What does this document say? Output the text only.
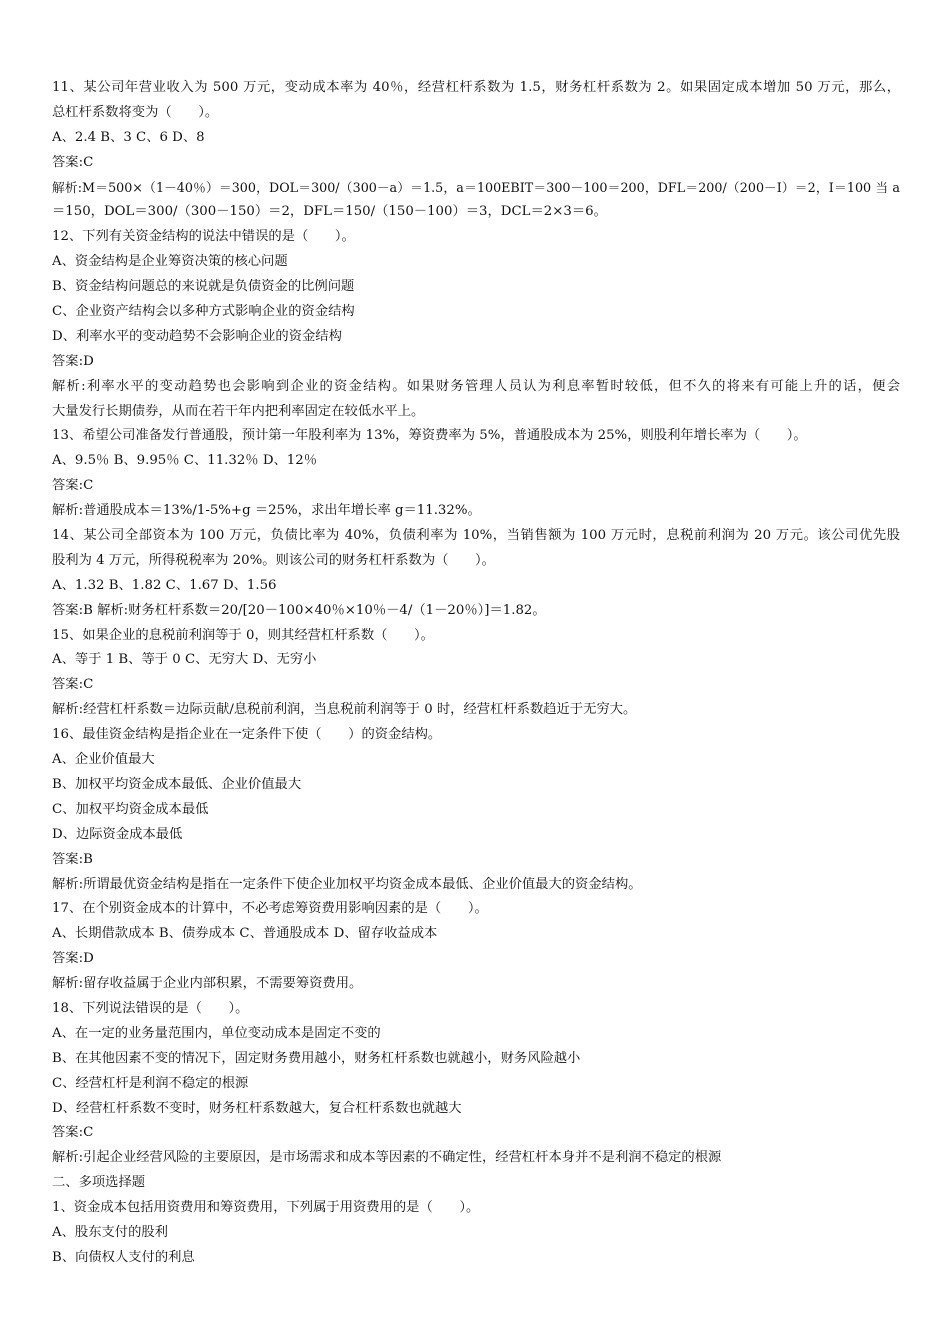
11、某公司年营业收入为 500 万元，变动成本率为 40％，经营杠杆系数为 1.5，财务杠杆系数为 2。如果固定成本增加 50 万元，那么，
总杠杆系数将变为（　　）。
A、2.4 B、3 C、6 D、8
答案:C
解析:M＝500×（1－40％）＝300，DOL＝300/（300－a）＝1.5，a＝100EBIT＝300－100＝200，DFL＝200/（200－I）＝2，I＝100 当 a
＝150，DOL＝300/（300－150）＝2，DFL＝150/（150－100）＝3，DCL＝2×3＝6。
12、下列有关资金结构的说法中错误的是（　　）。
A、资金结构是企业筹资决策的核心问题
B、资金结构问题总的来说就是负债资金的比例问题
C、企业资产结构会以多种方式影响企业的资金结构
D、利率水平的变动趋势不会影响企业的资金结构
答案:D
解析:利率水平的变动趋势也会影响到企业的资金结构。如果财务管理人员认为利息率暂时较低，但不久的将来有可能上升的话，便会
大量发行长期债券，从而在若干年内把利率固定在较低水平上。
13、希望公司准备发行普通股，预计第一年股利率为 13%，筹资费率为 5%，普通股成本为 25%，则股利年增长率为（　　）。
A、9.5％ B、9.95％ C、11.32％ D、12％
答案:C
解析:普通股成本＝13%/1-5%+g ＝25%，求出年增长率 g＝11.32%。
14、某公司全部资本为 100 万元，负债比率为 40%，负债利率为 10%，当销售额为 100 万元时，息税前利润为 20 万元。该公司优先股
股利为 4 万元，所得税税率为 20%。则该公司的财务杠杆系数为（　　）。
A、1.32 B、1.82 C、1.67 D、1.56
答案:B 解析:财务杠杆系数＝20/[20－100×40％×10％－4/（1－20％）]＝1.82。
15、如果企业的息税前利润等于 0，则其经营杠杆系数（　　）。
A、等于 1 B、等于 0 C、无穷大 D、无穷小
答案:C
解析:经营杠杆系数＝边际贡献/息税前利润，当息税前利润等于 0 时，经营杠杆系数趋近于无穷大。
16、最佳资金结构是指企业在一定条件下使（　　）的资金结构。
A、企业价值最大
B、加权平均资金成本最低、企业价值最大
C、加权平均资金成本最低
D、边际资金成本最低
答案:B
解析:所谓最优资金结构是指在一定条件下使企业加权平均资金成本最低、企业价值最大的资金结构。
17、在个别资金成本的计算中，不必考虑筹资费用影响因素的是（　　）。
A、长期借款成本 B、债券成本 C、普通股成本 D、留存收益成本
答案:D
解析:留存收益属于企业内部积累，不需要筹资费用。
18、下列说法错误的是（　　）。
A、在一定的业务量范围内，单位变动成本是固定不变的
B、在其他因素不变的情况下，固定财务费用越小，财务杠杆系数也就越小，财务风险越小
C、经营杠杆是利润不稳定的根源
D、经营杠杆系数不变时，财务杠杆系数越大，复合杠杆系数也就越大
答案:C
解析:引起企业经营风险的主要原因，是市场需求和成本等因素的不确定性，经营杠杆本身并不是利润不稳定的根源
二、多项选择题
1、资金成本包括用资费用和筹资费用，下列属于用资费用的是（　　）。
A、股东支付的股利
B、向债权人支付的利息
